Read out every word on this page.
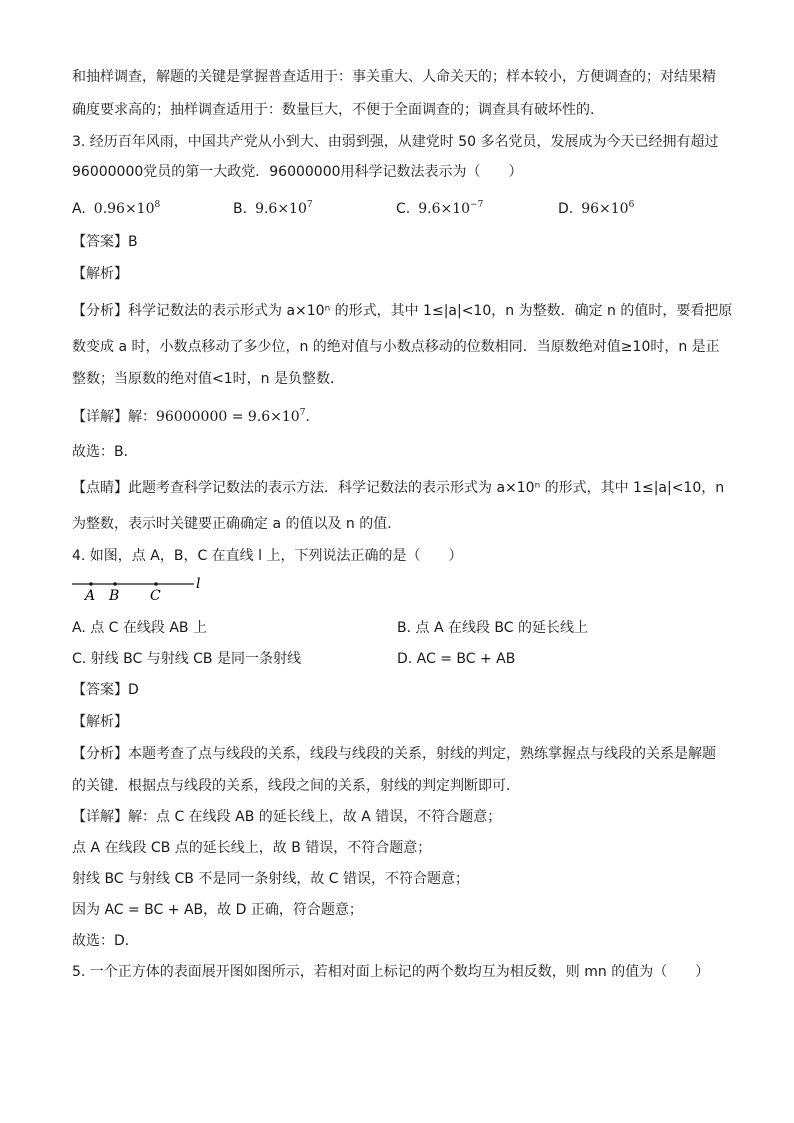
和抽样调查，解题的关键是掌握普查适用于：事关重大、人命关天的；样本较小，方便调查的；对结果精
确度要求高的；抽样调查适用于：数量巨大，不便于全面调查的；调查具有破坏性的.
3. 经历百年风雨，中国共产党从小到大、由弱到强，从建党时 50 多名党员，发展成为今天已经拥有超过
96000000党员的第一大政党．96000000用科学记数法表示为（　　）
A. $0.96\times 10^8$	B. $9.6\times 10^7$	C. $9.6\times 10^{-7}$	D. $96\times 10^6$
【答案】B
【解析】
【分析】科学记数法的表示形式为 a×10ⁿ 的形式，其中 1≤|a|<10，n 为整数．确定 n 的值时，要看把原
数变成 a 时，小数点移动了多少位，n 的绝对值与小数点移动的位数相同．当原数绝对值≥10时，n 是正
整数；当原数的绝对值<1时，n 是负整数．
【详解】解：$96000000 = 9.6\times 10^7$．
故选：B．
【点睛】此题考查科学记数法的表示方法．科学记数法的表示形式为 a×10ⁿ 的形式，其中 1≤|a|<10，n
为整数，表示时关键要正确确定 a 的值以及 n 的值．
4. 如图，点 A，B，C 在直线 l 上，下列说法正确的是（　　）
A B C
l
A. 点 C 在线段 AB 上	B. 点 A 在线段 BC 的延长线上
C. 射线 BC 与射线 CB 是同一条射线	D. AC = BC + AB
【答案】D
【解析】
【分析】本题考查了点与线段的关系，线段与线段的关系，射线的判定，熟练掌握点与线段的关系是解题
的关键．根据点与线段的关系，线段之间的关系，射线的判定判断即可．
【详解】解：点 C 在线段 AB 的延长线上，故 A 错误，不符合题意；
点 A 在线段 CB 点的延长线上，故 B 错误，不符合题意；
射线 BC 与射线 CB 不是同一条射线，故 C 错误，不符合题意；
因为 AC = BC + AB，故 D 正确，符合题意；
故选：D．
5. 一个正方体的表面展开图如图所示，若相对面上标记的两个数均互为相反数，则 mn 的值为（　　）
